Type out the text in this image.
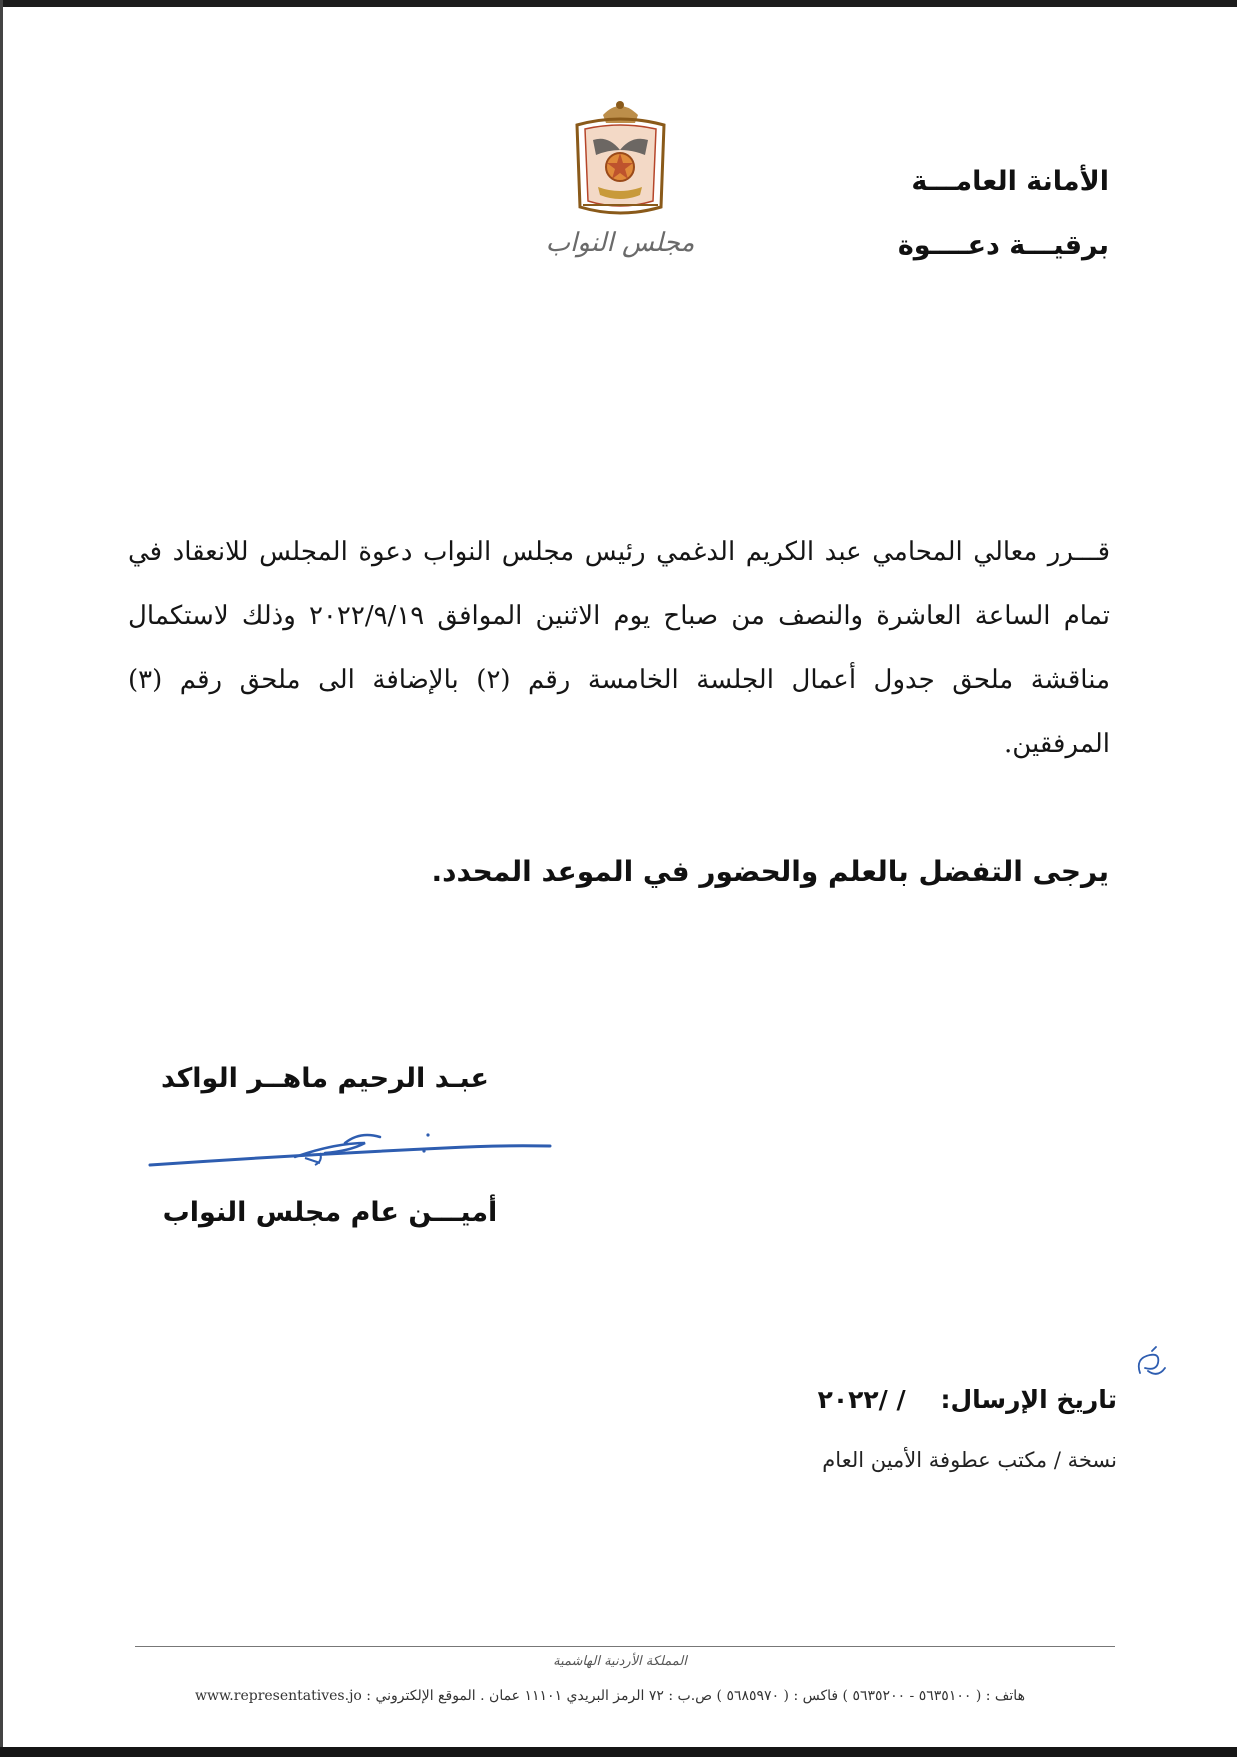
مجلس النواب
الأمانة العامـــة
برقيـــة دعــــوة
قـــرر معالي المحامي عبد الكريم الدغمي رئيس مجلس النواب دعوة المجلس للانعقاد في تمام الساعة العاشرة والنصف من صباح يوم الاثنين الموافق ٢٠٢٢/٩/١٩ وذلك لاستكمال مناقشة ملحق جدول أعمال الجلسة الخامسة رقم (٢) بالإضافة الى ملحق رقم (٣) المرفقين.
يرجى التفضل بالعلم والحضور في الموعد المحدد.
عبـد الرحيم ماهــر الواكد
أميـــن عام مجلس النواب
تاريخ الإرسال:    / /٢٠٢٢
نسخة / مكتب عطوفة الأمين العام
المملكة الأردنية الهاشمية
هاتف : ( ٥٦٣٥١٠٠ - ٥٦٣٥٢٠٠ ) فاكس : ( ٥٦٨٥٩٧٠ ) ص.ب : ٧٢ الرمز البريدي ١١١٠١ عمان . الموقع الإلكتروني : www.representatives.jo
